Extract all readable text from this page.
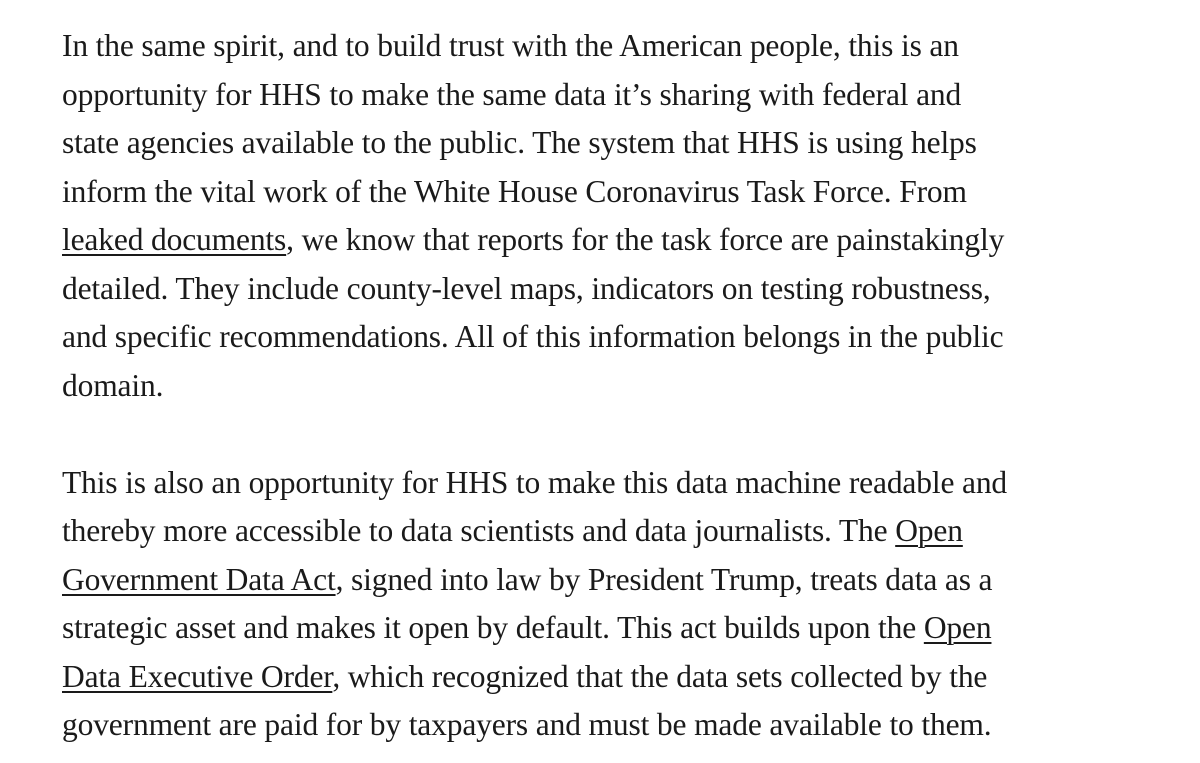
In the same spirit, and to build trust with the American people, this is an
opportunity for HHS to make the same data it’s sharing with federal and
state agencies available to the public. The system that HHS is using helps
inform the vital work of the White House Coronavirus Task Force. From
leaked documents, we know that reports for the task force are painstakingly
detailed. They include county-level maps, indicators on testing robustness,
and specific recommendations. All of this information belongs in the public
domain.

This is also an opportunity for HHS to make this data machine readable and
thereby more accessible to data scientists and data journalists. The Open
Government Data Act, signed into law by President Trump, treats data as a
strategic asset and makes it open by default. This act builds upon the Open
Data Executive Order, which recognized that the data sets collected by the
government are paid for by taxpayers and must be made available to them.
